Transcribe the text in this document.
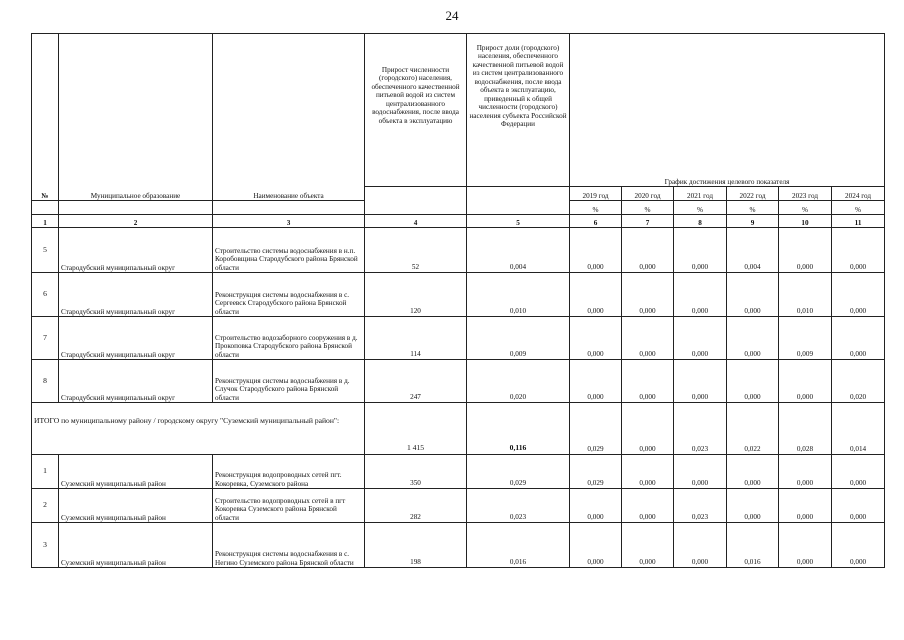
24
№	Муниципальное образование	Наименование объекта	Прирост численности (городского) населения, обеспеченного качественной питьевой водой из систем централизованного водоснабжения, после ввода объекта в эксплуатацию	Прирост доли (городского) населения, обеспеченного качественной питьевой водой из систем централизованного водоснабжения, после ввода объекта в эксплуатацию, приведенный к общей численности (городского) населения субъекта Российской Федерации	График достижения целевого показателя					
					2019 год	2020 год	2021 год	2022 год	2023 год	2024 год
					%	%	%	%	%	%
1	2	3	4	5	6	7	8	9	10	11
5	Стародубский муниципальный округ	Строительство системы водоснабжения в н.п. Коробовщина Стародубского района Брянской области	52	0,004	0,000	0,000	0,000	0,004	0,000	0,000
6	Стародубский муниципальный округ	Реконструкция системы водоснабжения в с. Сергеевск Стародубского района Брянской области	120	0,010	0,000	0,000	0,000	0,000	0,010	0,000
7	Стародубский муниципальный округ	Строительство водозаборного сооружения в д. Прокоповка Стародубского района Брянской области	114	0,009	0,000	0,000	0,000	0,000	0,009	0,000
8	Стародубский муниципальный округ	Реконструкция системы водоснабжения в д. Случок Стародубского района Брянской области	247	0,020	0,000	0,000	0,000	0,000	0,000	0,020
ИТОГО по муниципальному району / городскому округу "Суземский муниципальный район":			1 415	0,116	0,029	0,000	0,023	0,022	0,028	0,014
1	Суземский муниципальный район	Реконструкция водопроводных сетей пгт. Кокоревка, Суземского района	350	0,029	0,029	0,000	0,000	0,000	0,000	0,000
2	Суземский муниципальный район	Строительство водопроводных сетей в пгт Кокоревка Суземского района Брянской области	282	0,023	0,000	0,000	0,023	0,000	0,000	0,000
3	Суземский муниципальный район	Реконструкция системы водоснабжения в с. Негино Суземского района Брянской области	198	0,016	0,000	0,000	0,000	0,016	0,000	0,000
